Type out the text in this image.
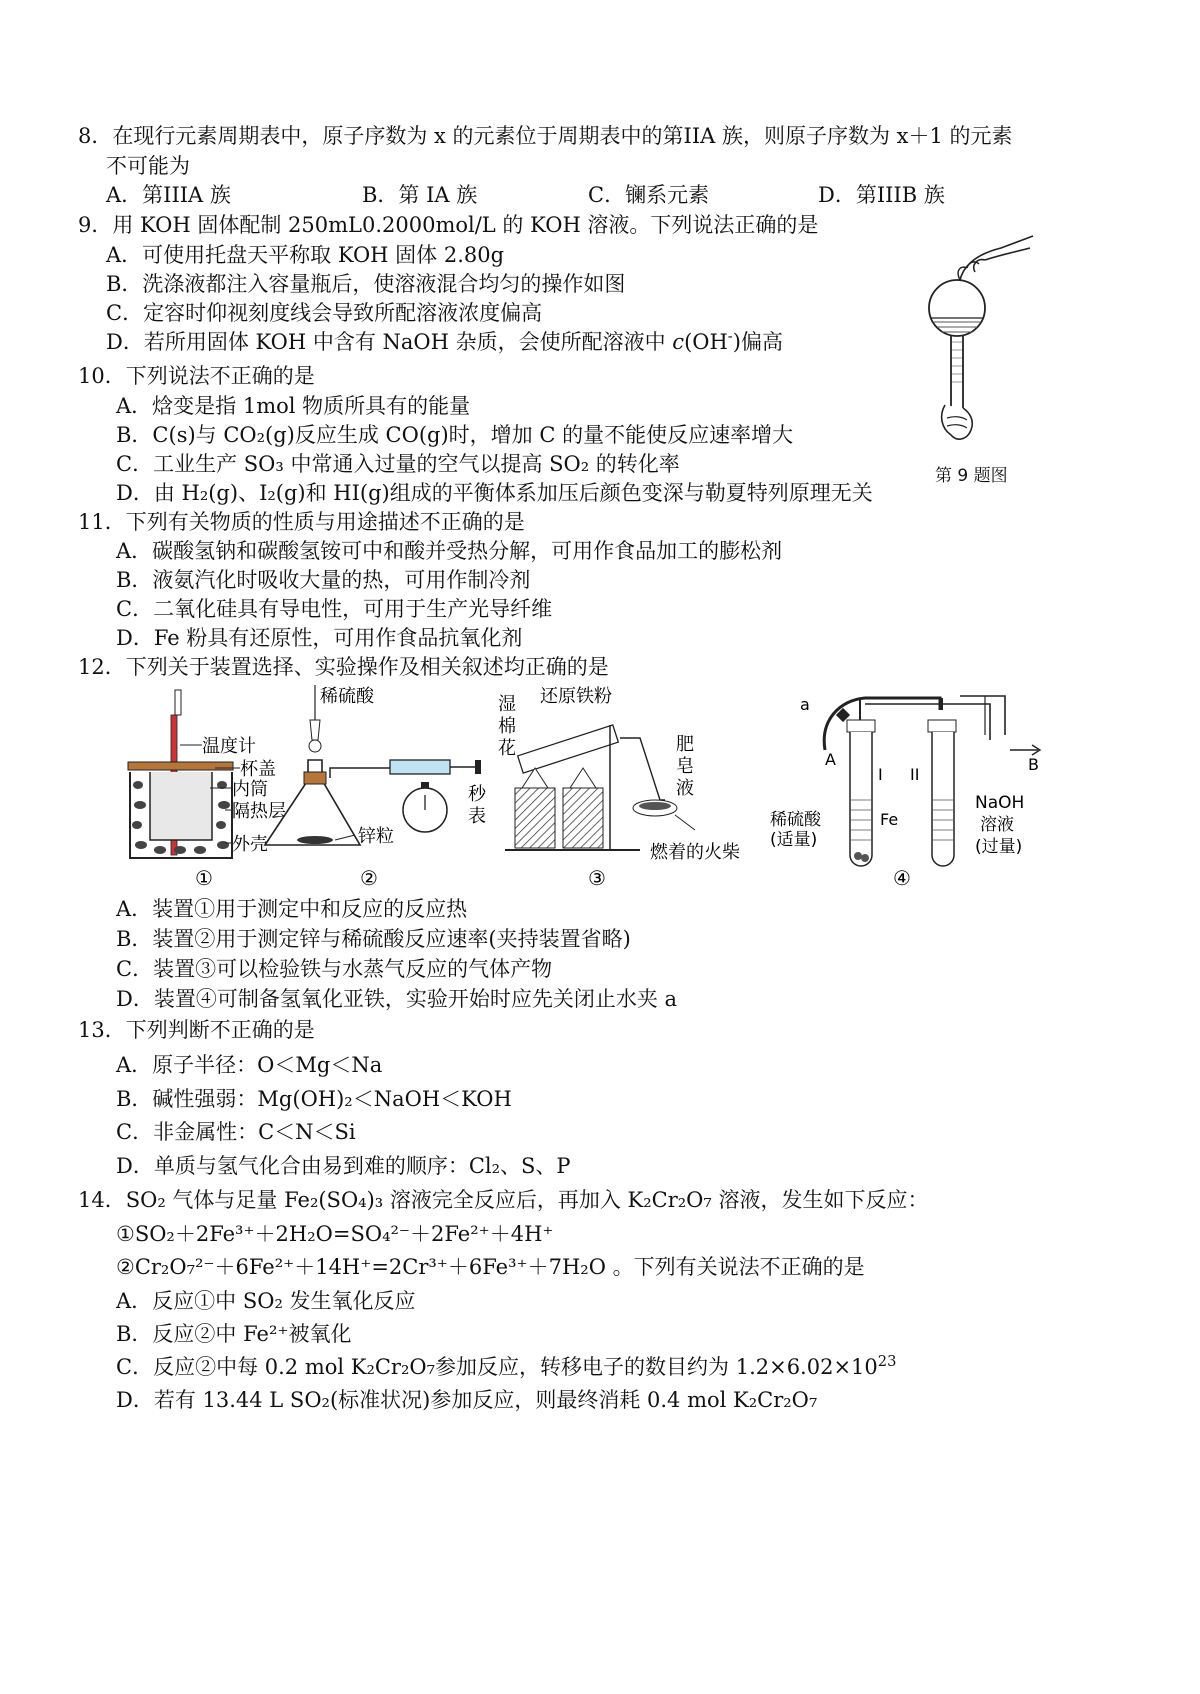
8．在现行元素周期表中，原子序数为 x 的元素位于周期表中的第IIA 族，则原子序数为 x＋1 的元素
不可能为
A．第IIIA 族	B．第 IA 族	C．镧系元素	D．第IIIB 族
9．用 KOH 固体配制 250mL0.2000mol/L 的 KOH 溶液。下列说法正确的是
A．可使用托盘天平称取 KOH 固体 2.80g
B．洗涤液都注入容量瓶后，使溶液混合均匀的操作如图
C．定容时仰视刻度线会导致所配溶液浓度偏高
D．若所用固体 KOH 中含有 NaOH 杂质，会使所配溶液中 c(OH-)偏高
第 9 题图
10．下列说法不正确的是
A．焓变是指 1mol 物质所具有的能量
B．C(s)与 CO₂(g)反应生成 CO(g)时，增加 C 的量不能使反应速率增大
C．工业生产 SO₃ 中常通入过量的空气以提高 SO₂ 的转化率
D．由 H₂(g)、I₂(g)和 HI(g)组成的平衡体系加压后颜色变深与勒夏特列原理无关
11．下列有关物质的性质与用途描述不正确的是
A．碳酸氢钠和碳酸氢铵可中和酸并受热分解，可用作食品加工的膨松剂
B．液氨汽化时吸收大量的热，可用作制冷剂
C．二氧化硅具有导电性，可用于生产光导纤维
D．Fe 粉具有还原性，可用作食品抗氧化剂
12．下列关于装置选择、实验操作及相关叙述均正确的是
温度计
杯盖
内筒
隔热层
外壳
①
稀硫酸
秒
表
锌粒
②
湿
棉
花
还原铁粉
肥
皂
液
燃着的火柴
③
a
A
I II
B
稀硫酸
(适量)
Fe
NaOH
溶液
(过量)
④
A．装置①用于测定中和反应的反应热
B．装置②用于测定锌与稀硫酸反应速率(夹持装置省略)
C．装置③可以检验铁与水蒸气反应的气体产物
D．装置④可制备氢氧化亚铁，实验开始时应先关闭止水夹 a
13．下列判断不正确的是
A．原子半径：O＜Mg＜Na
B．碱性强弱：Mg(OH)₂＜NaOH＜KOH
C．非金属性：C＜N＜Si
D．单质与氢气化合由易到难的顺序：Cl₂、S、P
14．SO₂ 气体与足量 Fe₂(SO₄)₃ 溶液完全反应后，再加入 K₂Cr₂O₇ 溶液，发生如下反应：
①SO₂＋2Fe³⁺＋2H₂O=SO₄²⁻＋2Fe²⁺＋4H⁺
②Cr₂O₇²⁻＋6Fe²⁺＋14H⁺=2Cr³⁺＋6Fe³⁺＋7H₂O 。下列有关说法不正确的是
A．反应①中 SO₂ 发生氧化反应
B．反应②中 Fe²⁺被氧化
C．反应②中每 0.2 mol K₂Cr₂O₇参加反应，转移电子的数目约为 $1.2\times 6.02\times 10^{23}$
D．若有 13.44 L SO₂(标准状况)参加反应，则最终消耗 0.4 mol K₂Cr₂O₇
